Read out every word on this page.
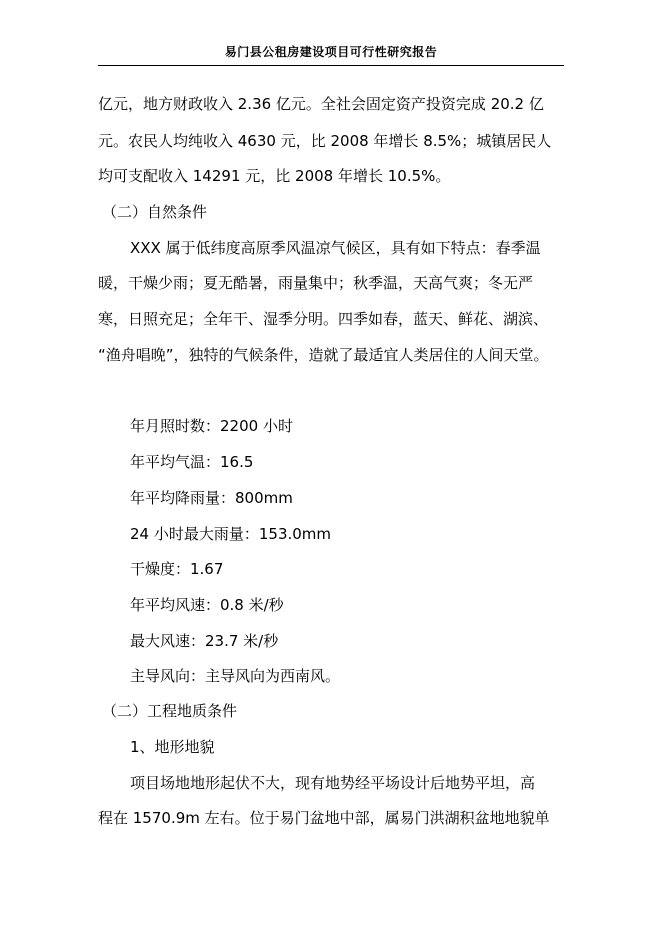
易门县公租房建设项目可行性研究报告
亿元，地方财政收入 2.36 亿元。全社会固定资产投资完成 20.2 亿
元。农民人均纯收入 4630 元，比 2008 年增长 8.5%；城镇居民人
均可支配收入 14291 元，比 2008 年增长 10.5%。
（二）自然条件
XXX 属于低纬度高原季风温凉气候区，具有如下特点：春季温
暖，干燥少雨；夏无酷暑，雨量集中；秋季温，天高气爽；冬无严
寒，日照充足；全年干、湿季分明。四季如春，蓝天、鲜花、湖滨、
“渔舟唱晚”，独特的气候条件，造就了最适宜人类居住的人间天堂。
年月照时数：2200 小时
年平均气温：16.5
年平均降雨量：800mm
24 小时最大雨量：153.0mm
干燥度：1.67
年平均风速：0.8 米/秒
最大风速：23.7 米/秒
主导风向：主导风向为西南风。
（二）工程地质条件
1、地形地貌
项目场地地形起伏不大，现有地势经平场设计后地势平坦，高
程在 1570.9m 左右。位于易门盆地中部，属易门洪湖积盆地地貌单
